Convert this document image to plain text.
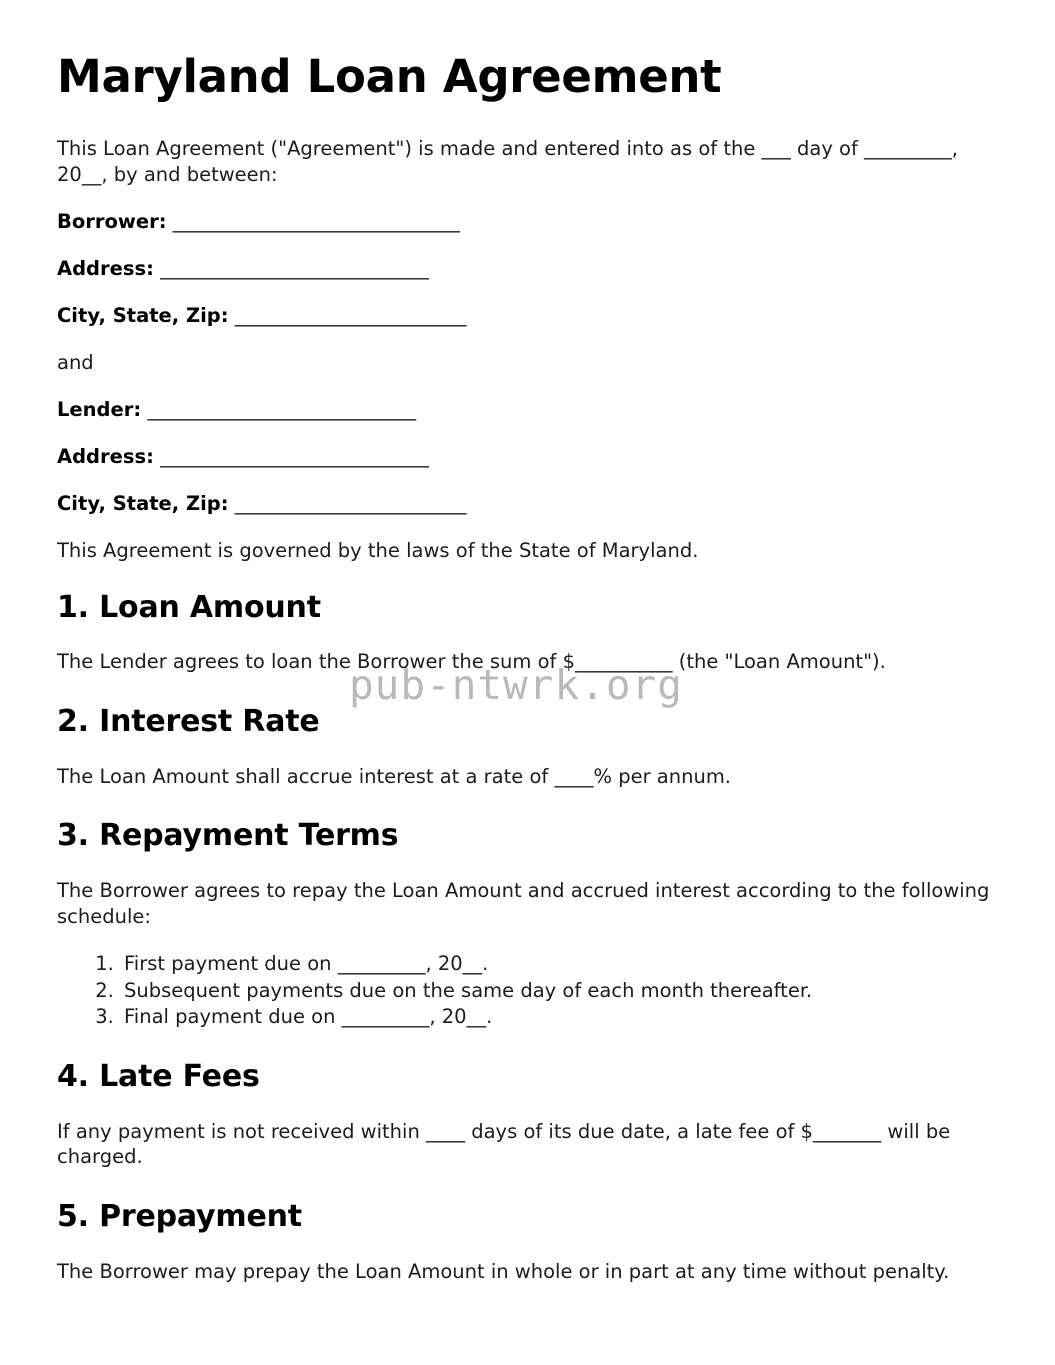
Maryland Loan Agreement

This Loan Agreement ("Agreement") is made and entered into as of the ___ day of _________, 20__, by and between:

Borrower: _______________________________
Address: _____________________________
City, State, Zip: _________________________

and

Lender: _____________________________
Address: _____________________________
City, State, Zip: _________________________

This Agreement is governed by the laws of the State of Maryland.

1. Loan Amount

The Lender agrees to loan the Borrower the sum of $__________ (the "Loan Amount").

2. Interest Rate

The Loan Amount shall accrue interest at a rate of ____% per annum.

3. Repayment Terms

The Borrower agrees to repay the Loan Amount and accrued interest according to the following schedule:

1. First payment due on _________, 20__.
2. Subsequent payments due on the same day of each month thereafter.
3. Final payment due on _________, 20__.
4. Late Fees

If any payment is not received within ____ days of its due date, a late fee of $_______ will be charged.

5. Prepayment

The Borrower may prepay the Loan Amount in whole or in part at any time without penalty.

pub-ntwrk.org
